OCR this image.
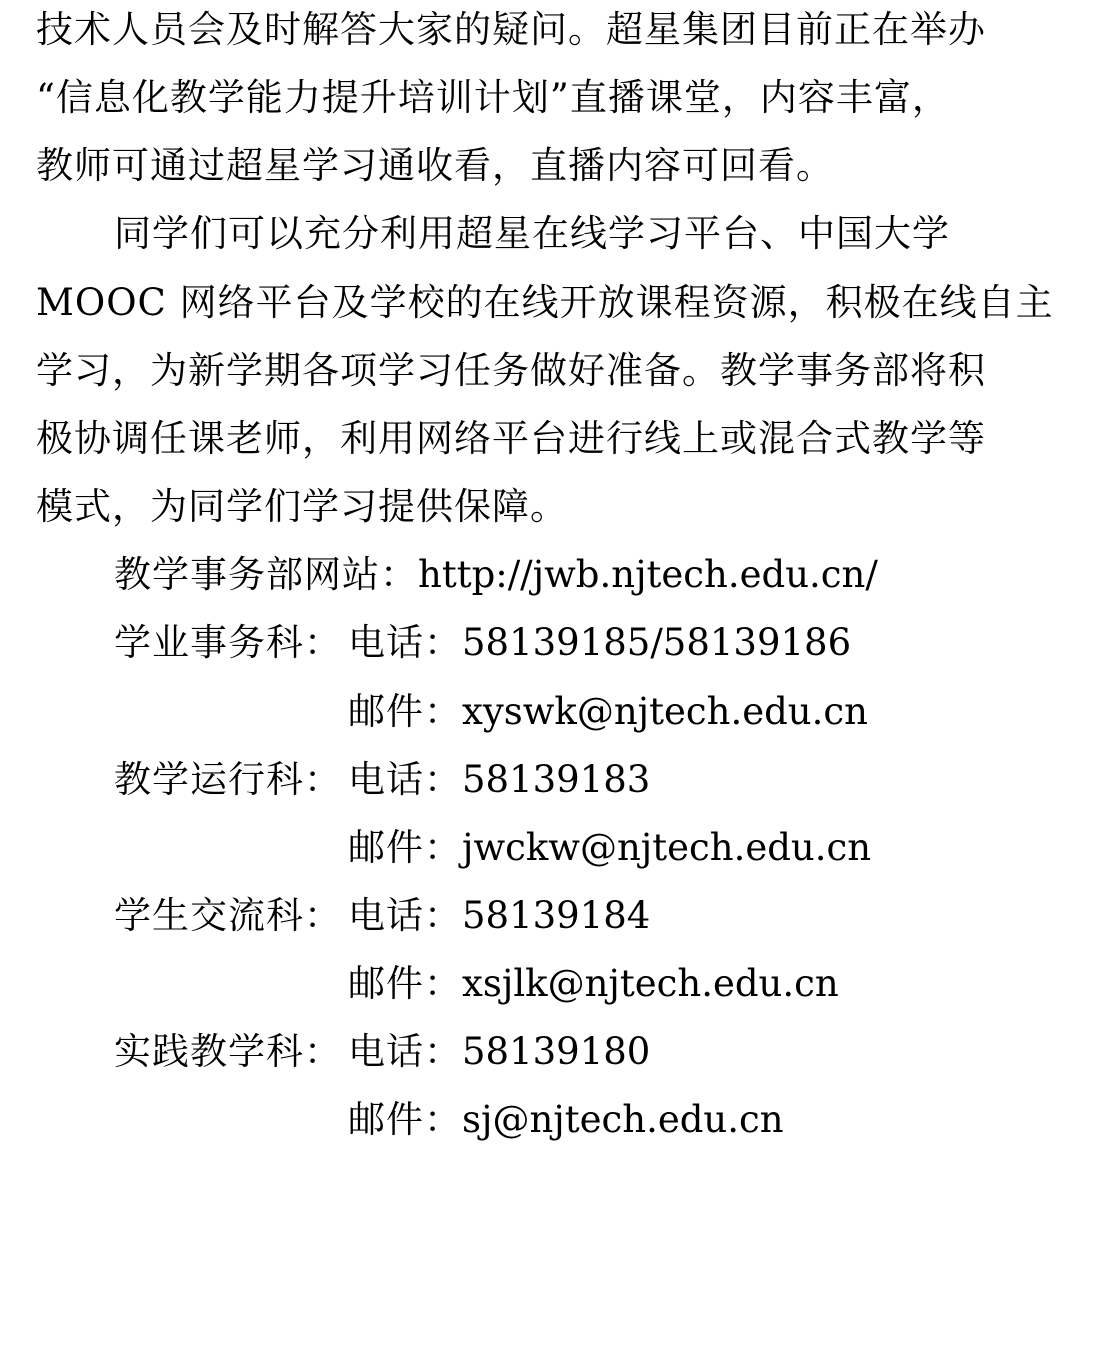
技术人员会及时解答大家的疑问。超星集团目前正在举办
“信息化教学能力提升培训计划”直播课堂，内容丰富，
教师可通过超星学习通收看，直播内容可回看。
同学们可以充分利用超星在线学习平台、中国大学
MOOC 网络平台及学校的在线开放课程资源，积极在线自主
学习，为新学期各项学习任务做好准备。教学事务部将积
极协调任课老师，利用网络平台进行线上或混合式教学等
模式，为同学们学习提供保障。
教学事务部网站：http://jwb.njtech.edu.cn/
学业事务科： 电话：58139185/58139186
邮件：xyswk@njtech.edu.cn
教学运行科： 电话：58139183
邮件：jwckw@njtech.edu.cn
学生交流科： 电话：58139184
邮件：xsjlk@njtech.edu.cn
实践教学科： 电话：58139180
邮件：sj@njtech.edu.cn
